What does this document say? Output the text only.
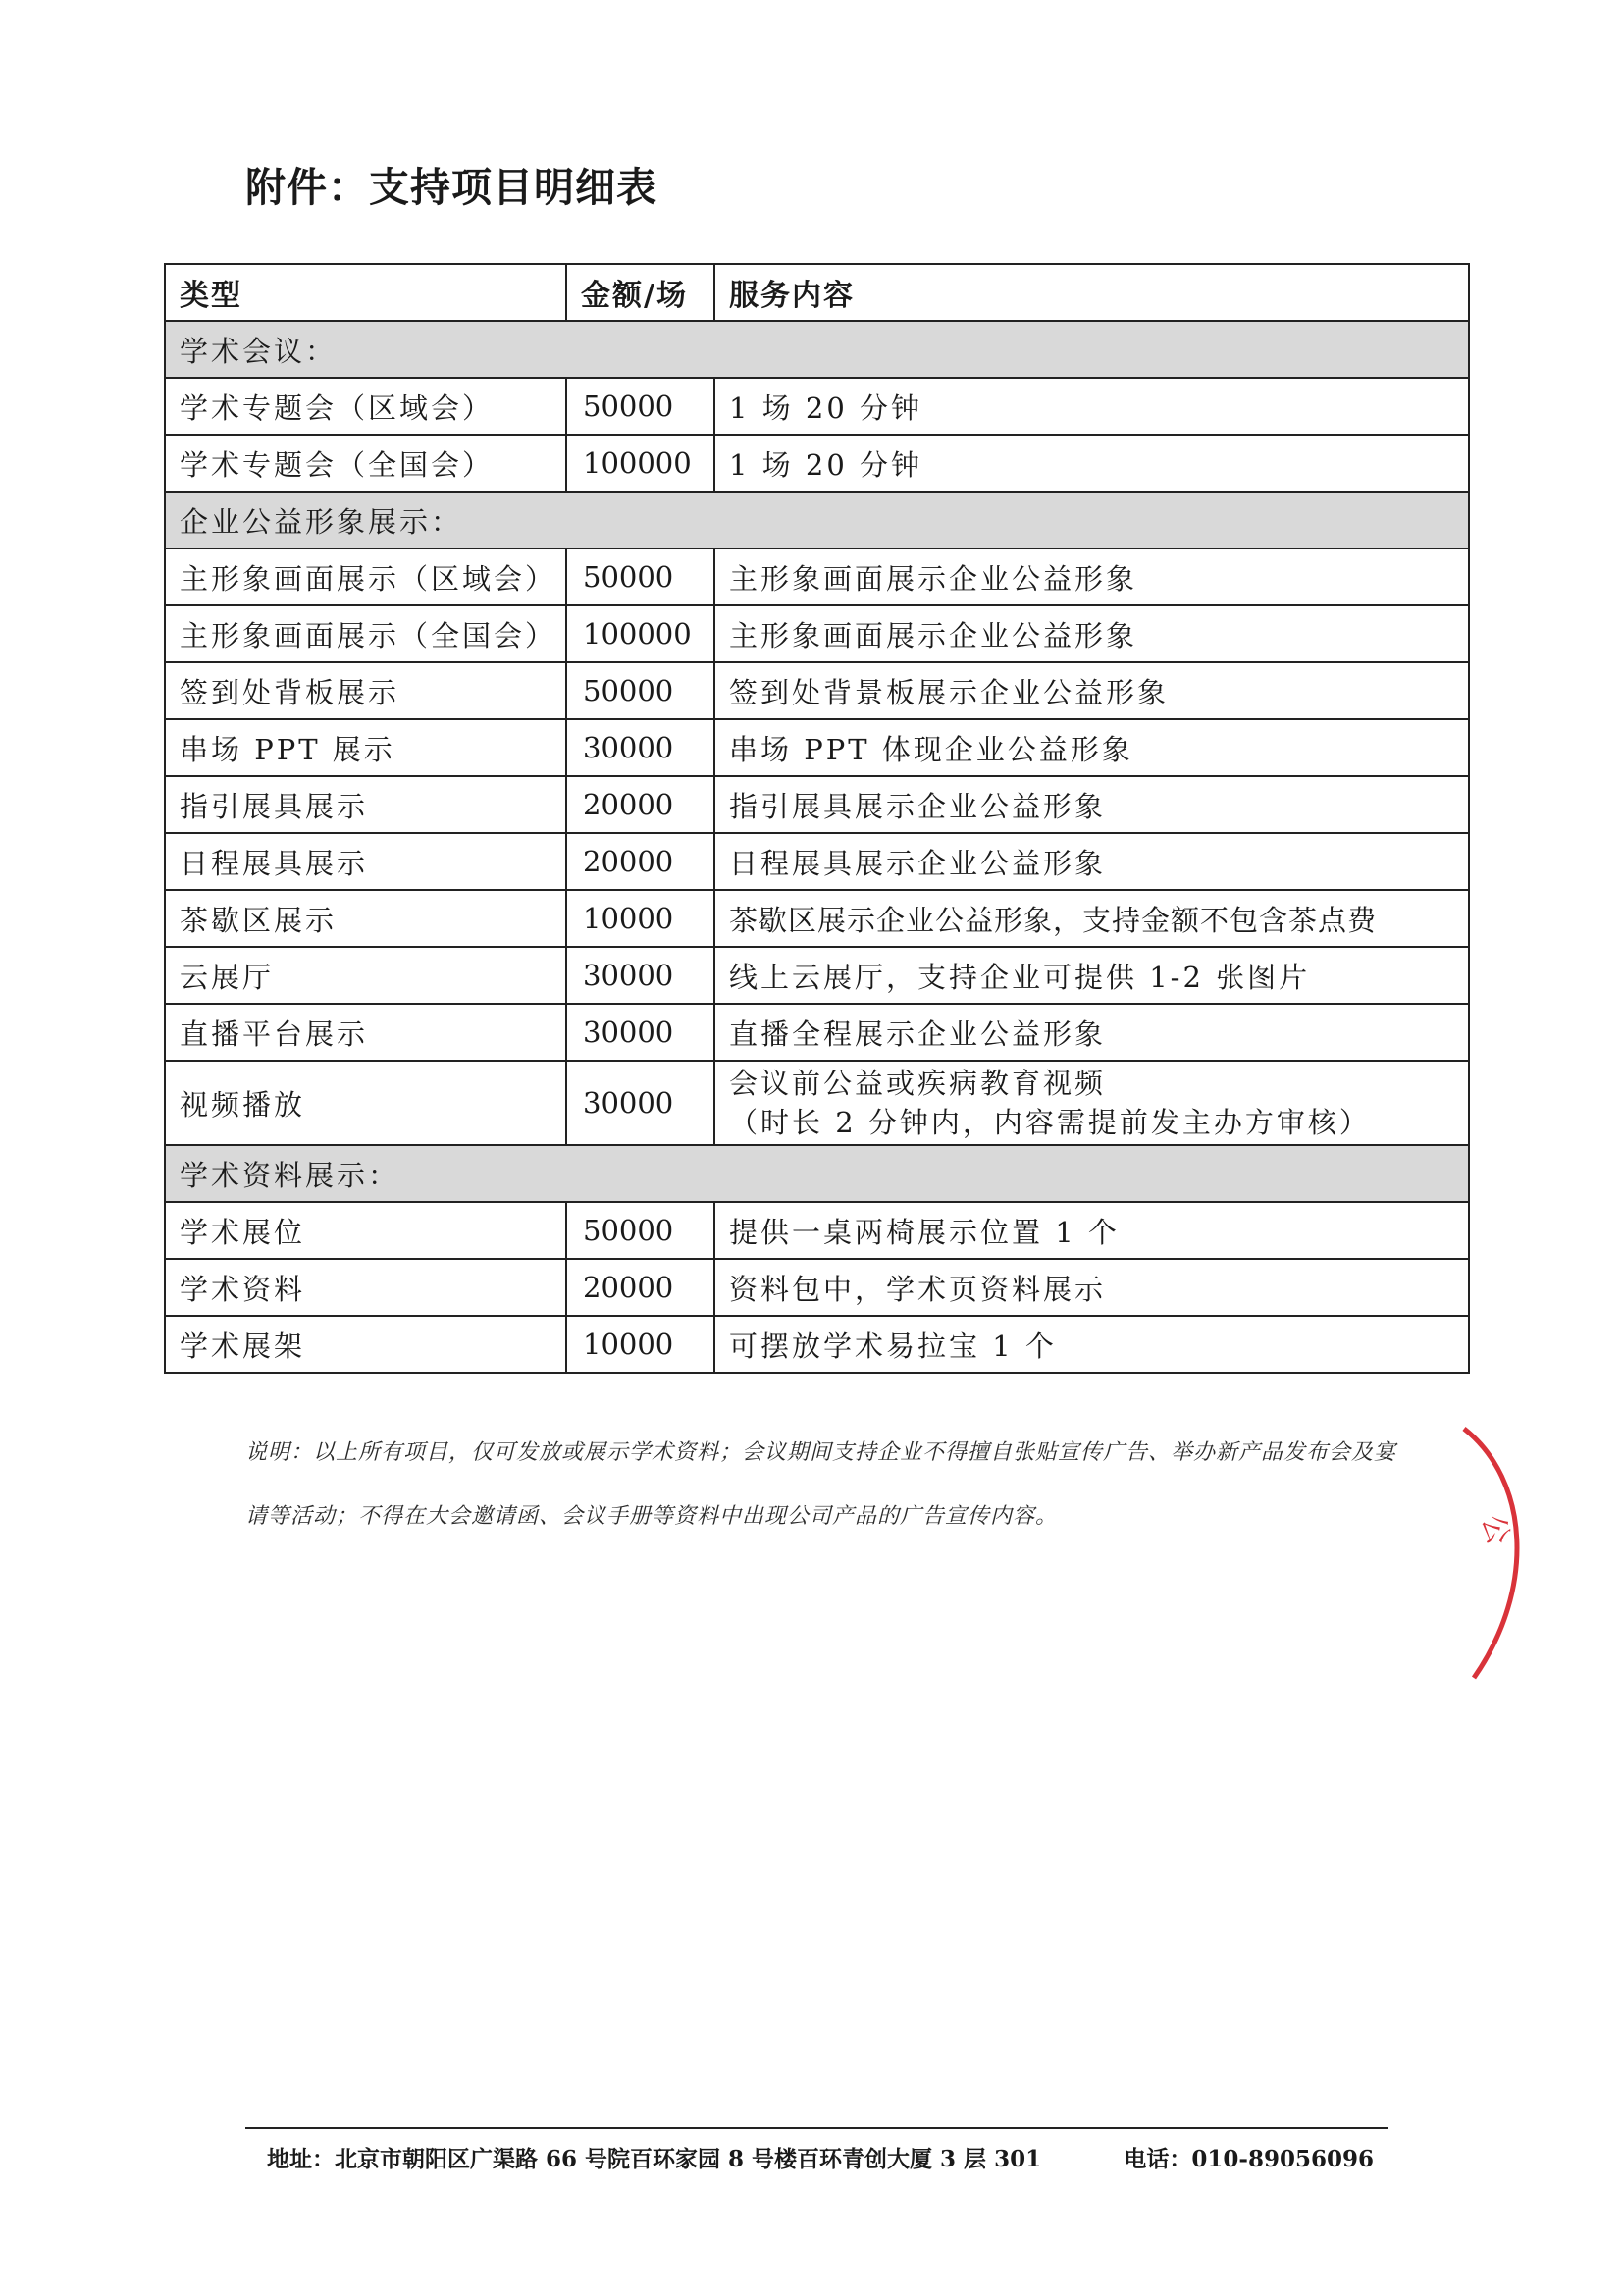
附件：支持项目明细表
类型	金额/场	服务内容
学术会议：		
学术专题会（区域会）	50000	1 场 20 分钟
学术专题会（全国会）	100000	1 场 20 分钟
企业公益形象展示：		
主形象画面展示（区域会）	50000	主形象画面展示企业公益形象
主形象画面展示（全国会）	100000	主形象画面展示企业公益形象
签到处背板展示	50000	签到处背景板展示企业公益形象
串场 PPT 展示	30000	串场 PPT 体现企业公益形象
指引展具展示	20000	指引展具展示企业公益形象
日程展具展示	20000	日程展具展示企业公益形象
茶歇区展示	10000	茶歇区展示企业公益形象，支持金额不包含茶点费
云展厅	30000	线上云展厅，支持企业可提供 1-2 张图片
直播平台展示	30000	直播全程展示企业公益形象
视频播放	30000	会议前公益或疾病教育视频
（时长 2 分钟内，内容需提前发主办方审核）

学术资料展示：		
学术展位	50000	提供一桌两椅展示位置 1 个
学术资料	20000	资料包中，学术页资料展示
学术展架	10000	可摆放学术易拉宝 1 个
说明：以上所有项目，仅可发放或展示学术资料；会议期间支持企业不得擅自张贴宣传广告、举办新产品发布会及宴请等活动；不得在大会邀请函、会议手册等资料中出现公司产品的广告宣传内容。	公
地址：北京市朝阳区广渠路 66 号院百环家园 8 号楼百环青创大厦 3 层 301	电话：010-89056096
